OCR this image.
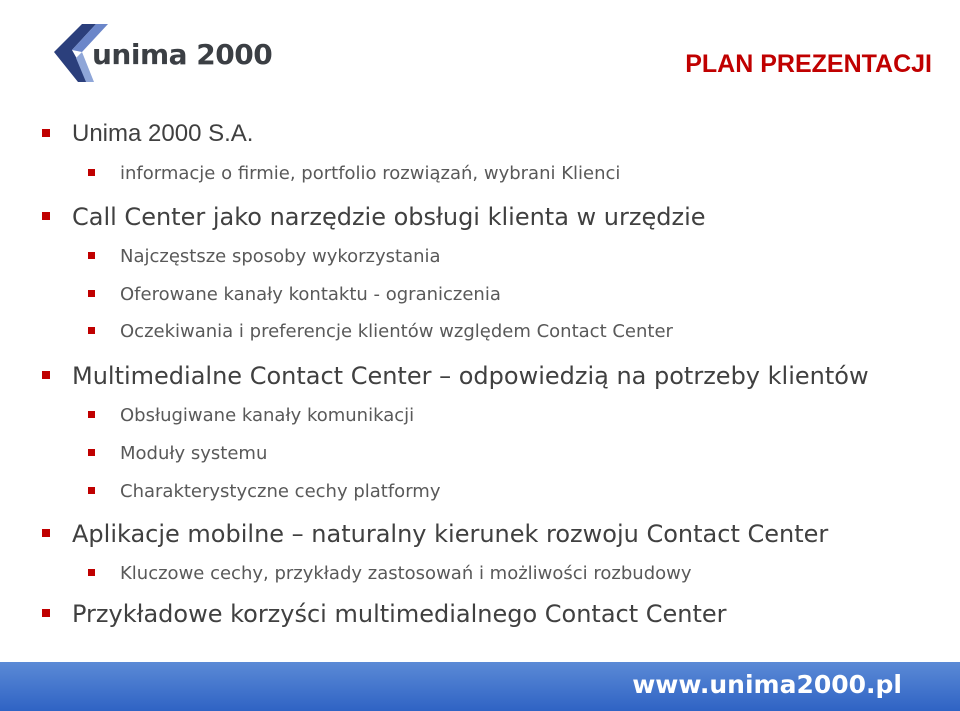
unima 2000	PLAN PREZENTACJI
Unima 2000 S.A.
informacje o firmie, portfolio rozwiązań, wybrani Klienci
Call Center jako narzędzie obsługi klienta w urzędzie
Najczęstsze sposoby wykorzystania
Oferowane kanały kontaktu - ograniczenia
Oczekiwania i preferencje klientów względem Contact Center
Multimedialne Contact Center – odpowiedzią na potrzeby klientów
Obsługiwane kanały komunikacji
Moduły systemu
Charakterystyczne cechy platformy
Aplikacje mobilne – naturalny kierunek rozwoju Contact Center
Kluczowe cechy, przykłady zastosowań i możliwości rozbudowy
Przykładowe korzyści multimedialnego Contact Center
www.unima2000.pl
